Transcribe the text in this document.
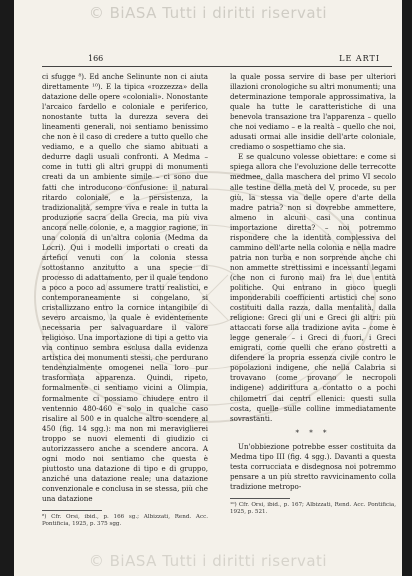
© BiASA Tutti i diritti riservati
166	LE ARTI

ci sfugge ⁸). Ed anche Selinunte non ci aiuta direttamente ¹⁰). E la tipica «rozzezza» della datazione delle opere «coloniali». Nonostante l'arcaico fardello e coloniale e periferico, nonostante tutta la durezza severa dei lineamenti generali, noi sentiamo benissimo che non è il caso di credere a tutto quello che vediamo, e a quello che siamo abituati a dedurre dagli usuali confronti. A Medma – come in tutti gli altri gruppi di monumenti creati da un ambiente simile – ci sono due fatti che introducono confusione: il natural ritardo coloniale, e la persistenza, la tradizionalità, sempre viva e reale in tutta la produzione sacra della Grecia, ma più viva ancora nelle colonie, e, a maggior ragione, in una colonia di un'altra colonia (Medma da Locri). Qui i modelli importati o creati da artefici venuti con la colonia stessa sottostanno anzitutto a una specie di processo di adattamento, per il quale tendono a poco a poco ad assumere tratti realistici, e contemporaneamente si congelano, si cristallizzano entro la cornice intangibile di severo arcaismo, la quale è evidentemente necessaria per salvaguardare il valore religioso. Una importazione di tipi a getto via via continuo sembra esclusa dalla evidenza artistica dei monumenti stessi, che perdurano tendenzialmente omogenei nella loro pur trasformata apparenza. Quindi, ripeto, formalmente ci sentiamo vicini a Olimpia, formalmente ci possiamo chiudere entro il ventennio 480-460 e solo in qualche caso risalire al 500 e in qualche altro scendere al 450 (fig. 14 sgg.): ma non mi meraviglierei troppo se nuovi elementi di giudizio ci autorizzassero anche a scendere ancora. A ogni modo noi sentiamo che questa è piuttosto una datazione di tipo e di gruppo, anziché una datazione reale; una datazione convenzionale e conclusa in se stessa, più che una datazione

⁸) Cfr. Orsi, ibid., p. 166 sg.; Albizzati, Rend. Acc. Pontificia, 1925, p. 375 sgg.

la quale possa servire di base per ulteriori illazioni cronologiche su altri monumenti; una determinazione temporale approssimativa, la quale ha tutte le caratteristiche di una benevola transazione tra l'apparenza – quello che noi vediamo – e la realtà – quello che noi, adusati ormai alle insidie dell'arte coloniale, crediamo o sospettiamo che sia.

E se qualcuno volesse obiettare: e come si spiega allora che l'evoluzione delle terrecotte medmee, dalla maschera del primo VI secolo alle testine della metà del V, procede, su per giù, la stessa via delle opere d'arte della madre patria? non si dovrebbe ammettere, almeno in alcuni casi una continua importazione diretta? – noi potremmo rispondere che la identità complessiva del cammino dell'arte nella colonia e nella madre patria non turba e non sorprende anche chi non ammette strettissimi e incessanti legami (che non ci furono mai) fra le due entità politiche. Qui entrano in gioco quegli imponderabili coefficienti artistici che sono costituiti dalla razza, dalla mentalità, dalla religione: Greci gli uni e Greci gli altri: più attaccati forse alla tradizione avita – come è legge generale – i Greci di fuori, i Greci emigrati, come quelli che erano costretti a difendere la propria essenza civile contro le popolazioni indigene, che nella Calabria si trovavano (come provano le necropoli indigene) addirittura a contatto o a pochi chilometri dai centri ellenici: questi sulla costa, quelle sulle colline immediatamente sovrastanti.

* * *

Un'obbiezione potrebbe esser costituita da Medma tipo III (fig. 4 sgg.). Davanti a questa testa corrucciata e disdegnosa noi potremmo pensare a un più stretto ravvicinamento colla tradizione metropo-

¹⁰) Cfr. Orsi, ibid., p. 167; Albizzati, Rend. Acc. Pontificia, 1925, p. 521.

© BiASA Tutti i diritti riservati
